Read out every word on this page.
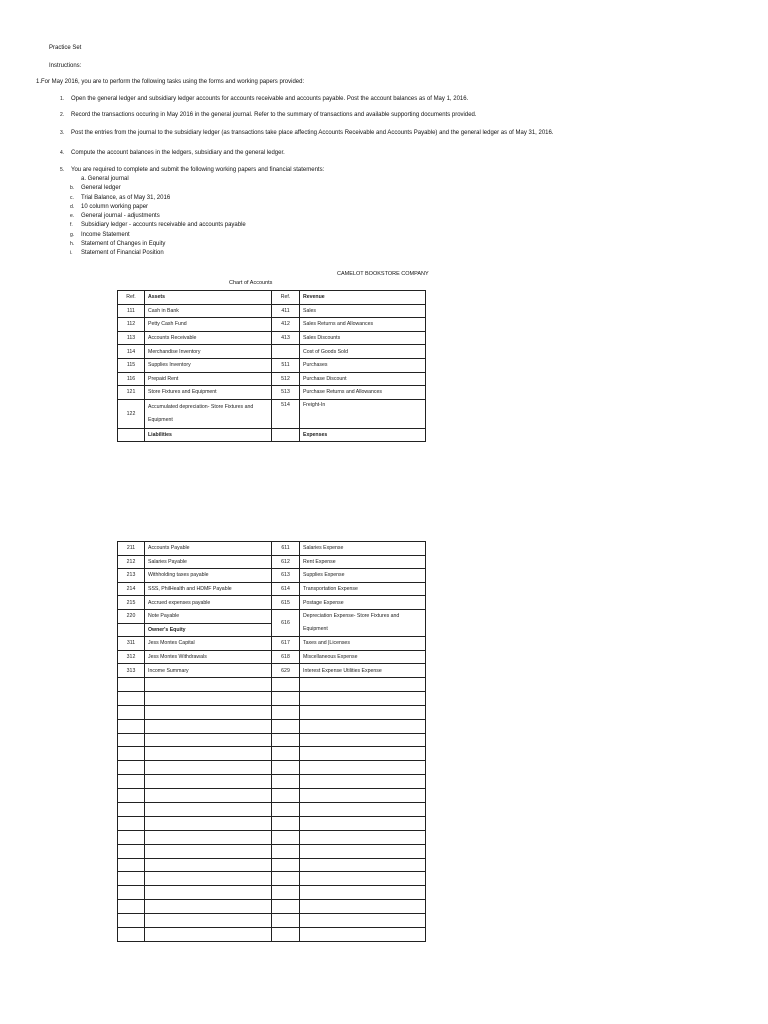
Practice Set
Instructions:
1.For May 2016, you are to perform the following tasks using the forms and working papers provided:
1. Open the general ledger and subsidiary ledger accounts for accounts receivable and accounts payable. Post the account balances as of May 1, 2016.
2. Record the transactions occuring in May 2016 in the general journal. Refer to the summary of transactions and available supporting documents provided.
3. Post the entries from the journal to the subsidiary ledger (as transactions take place affecting Accounts Receivable and Accounts Payable) and the general ledger as of May 31, 2016.
4. Compute the account balances in the ledgers, subsidiary and the general ledger.
5. You are required to complete and submit the following working papers and financial statements:
a. General journal
b. General ledger
c. Trial Balance, as of May 31, 2016
d. 10 column working paper
e. General journal - adjustments
f. Subsidiary ledger - accounts receivable and accounts payable
g. Income Statement
h. Statement of Changes in Equity
i. Statement of Financial Position
CAMELOT BOOKSTORE COMPANY
Chart of Accounts
Ref.	Assets	Ref.	Revenue
111	Cash in Bank	411	Sales
112	Petty Cash Fund	412	Sales Returns and Allowances
113	Accounts Receivable	413	Sales Discounts
114	Merchandise Inventory		Cost of Goods Sold
115	Supplies Inventory	511	Purchases
116	Prepaid Rent	512	Purchase Discount
121	Store Fixtures and Equipment	513	Purchase Returns and Allowances
122	Accumulated depreciation- Store Fixtures and Equipment	514	Freight-In
	Liabilities		Expenses
211	Accounts Payable	611	Salaries Expense
212	Salaries Payable	612	Rent Expense
213	Withholding taxes payable	613	Supplies Expense
214	SSS, PhilHealth and HDMF Payable	614	Transportation Expense
215	Accrued expenses payable	615	Postage Expense
220	Note Payable	616	Depreciation Expense- Store Fixtures and Equipment
	Owner's Equity		
311	Jess Montes Capital	617	Taxes and |Licenses
312	Jess Montes Withdrawals	618	Miscellaneous Expense
313	Income Summary	629	Interest Expense Utilities Expense
